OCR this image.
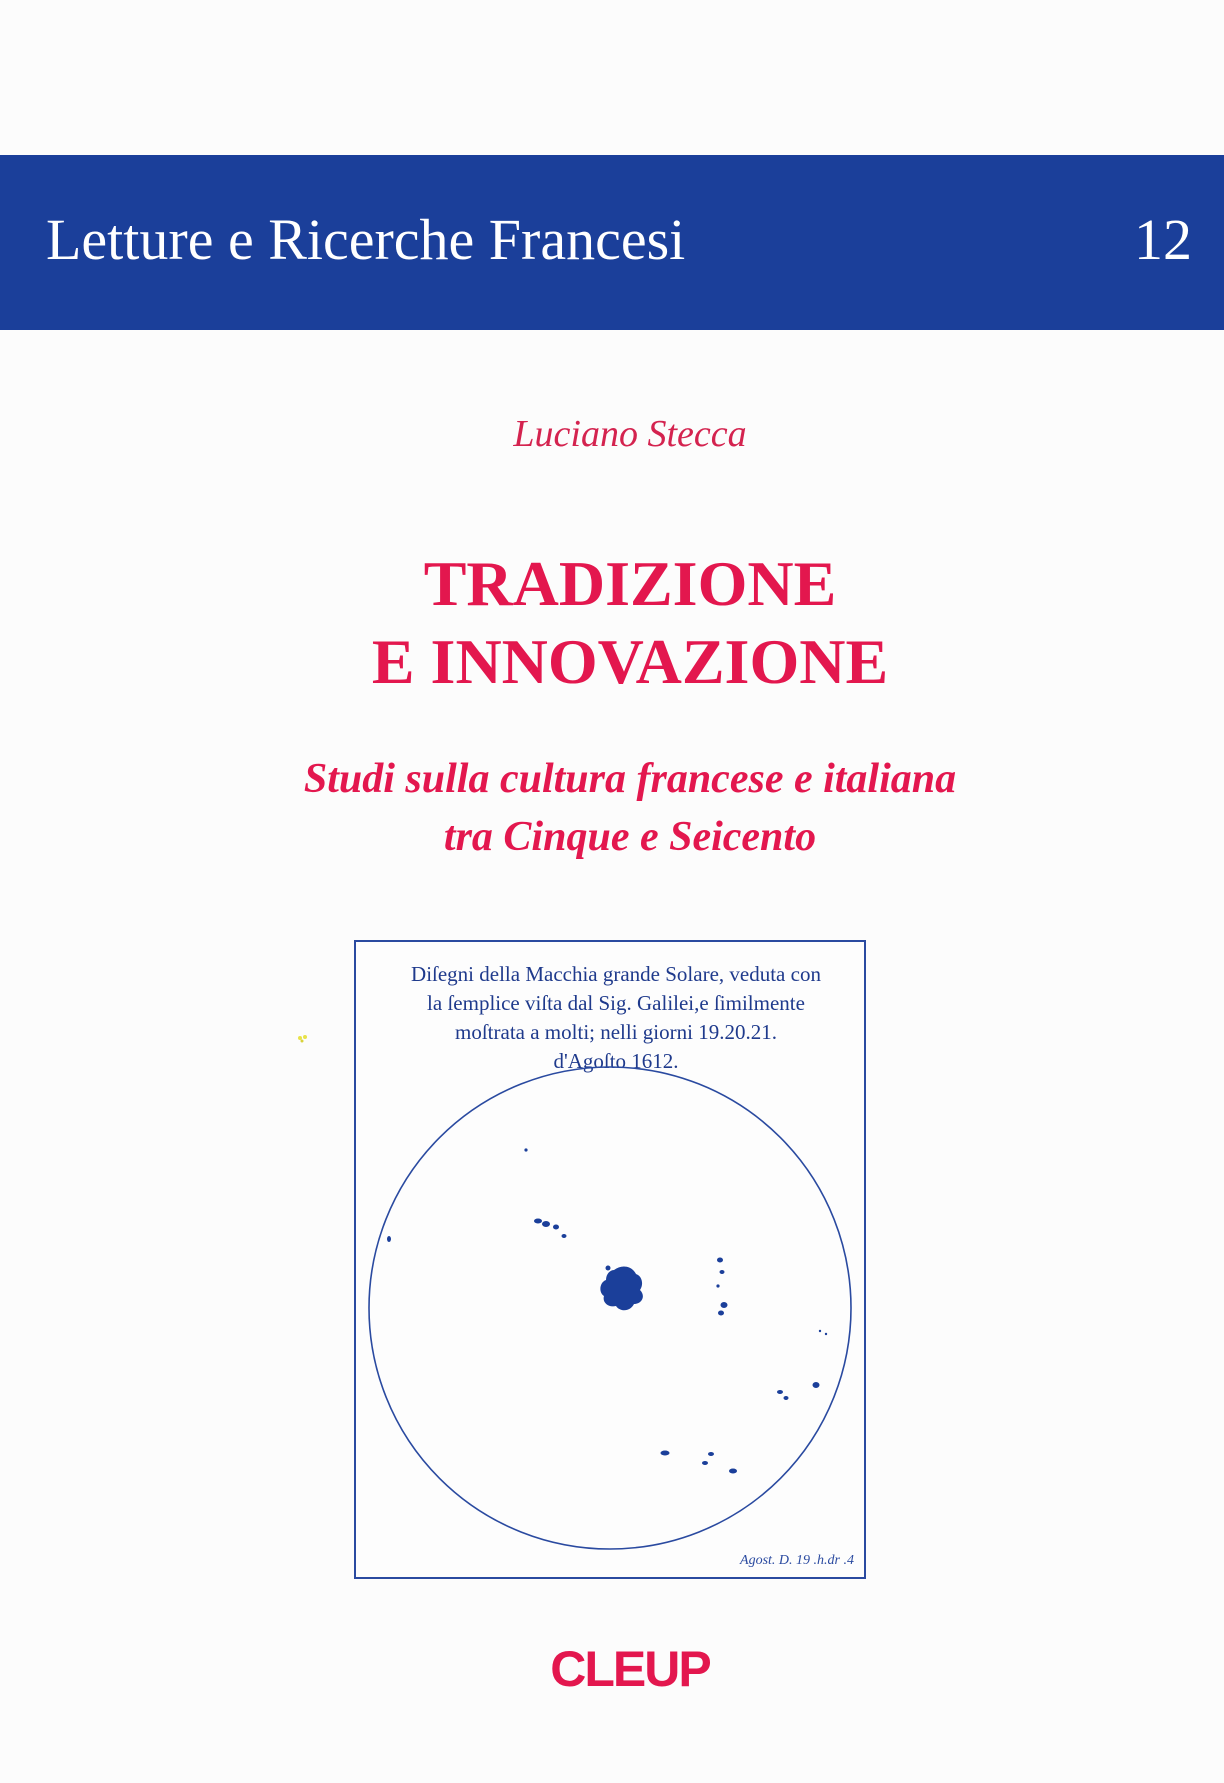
Letture e Ricerche Francesi	12
Luciano Stecca
TRADIZIONE
E INNOVAZIONE
Studi sulla cultura francese e italiana
tra Cinque e Seicento
Diſegni della Macchia grande Solare, veduta con
la ſemplice viſta dal Sig. Galilei,e ſimilmente
moſtrata a molti; nelli giorni 19.20.21.
d'Agoſto 1612.
Agost. D. 19 .h.dr .4
CLEUP
